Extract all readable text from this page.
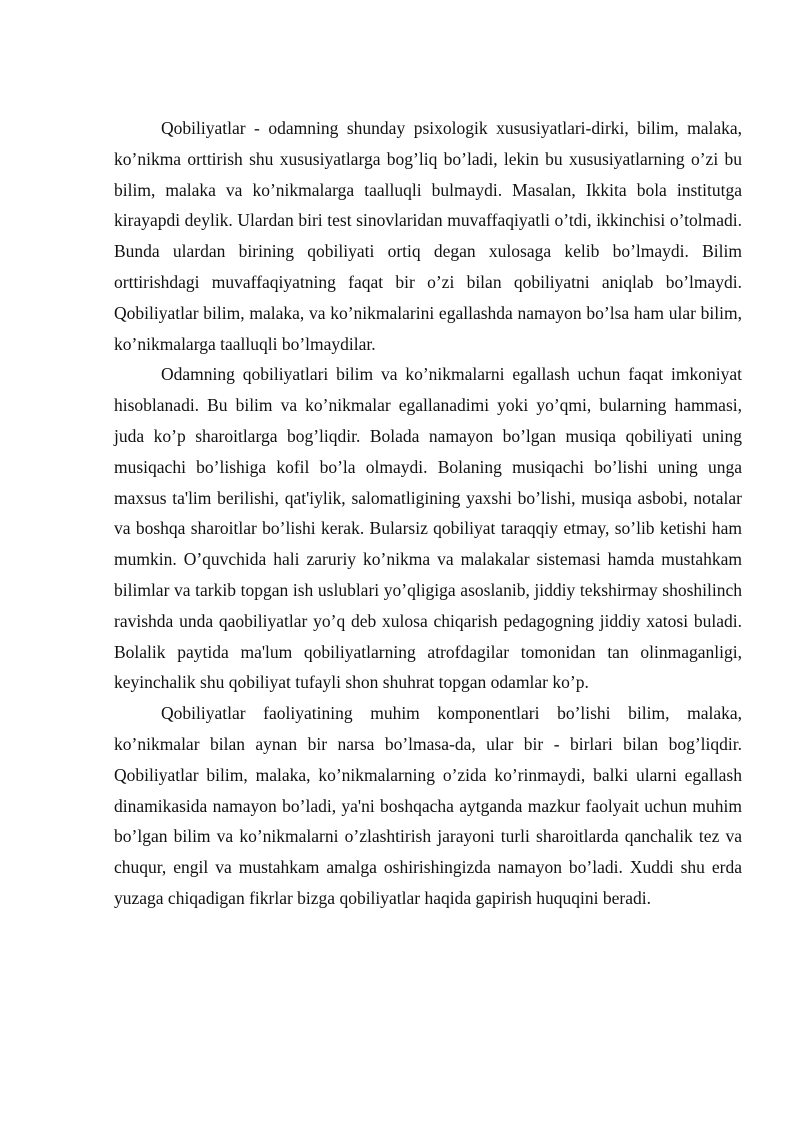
Qobiliyatlar - odamning shunday psixologik xususiyatlari-dirki, bilim, malaka, ko’nikma orttirish shu xususiyatlarga bog’liq bo’ladi, lekin bu xususiyatlarning o’zi bu bilim, malaka va ko’nikmalarga taalluqli bulmaydi. Masalan, Ikkita bola institutga kirayapdi deylik. Ulardan biri test sinovlaridan muvaffaqiyatli o’tdi, ikkinchisi o’tolmadi. Bunda ulardan birining qobiliyati ortiq degan xulosaga kelib bo’lmaydi. Bilim orttirishdagi muvaffaqiyatning faqat bir o’zi bilan qobiliyatni aniqlab bo’lmaydi. Qobiliyatlar bilim, malaka, va ko’nikmalarini egallashda namayon bo’lsa ham ular bilim, ko’nikmalarga taalluqli bo’lmaydilar.

Odamning qobiliyatlari bilim va ko’nikmalarni egallash uchun faqat imkoniyat hisoblanadi. Bu bilim va ko’nikmalar egallanadimi yoki yo’qmi, bularning hammasi, juda ko’p sharoitlarga bog’liqdir. Bolada namayon bo’lgan musiqa qobiliyati uning musiqachi bo’lishiga kofil bo’la olmaydi. Bolaning musiqachi bo’lishi uning unga maxsus ta'lim berilishi, qat'iylik, salomatligining yaxshi bo’lishi, musiqa asbobi, notalar va boshqa sharoitlar bo’lishi kerak. Bularsiz qobiliyat taraqqiy etmay, so’lib ketishi ham mumkin. O’quvchida hali zaruriy ko’nikma va malakalar sistemasi hamda mustahkam bilimlar va tarkib topgan ish uslublari yo’qligiga asoslanib, jiddiy tekshirmay shoshilinch ravishda unda qaobiliyatlar yo’q deb xulosa chiqarish pedagogning jiddiy xatosi buladi. Bolalik paytida ma'lum qobiliyatlarning atrofdagilar tomonidan tan olinmaganligi, keyinchalik shu qobiliyat tufayli shon shuhrat topgan odamlar ko’p.

Qobiliyatlar faoliyatining muhim komponentlari bo’lishi bilim, malaka, ko’nikmalar bilan aynan bir narsa bo’lmasa-da, ular bir - birlari bilan bog’liqdir. Qobiliyatlar bilim, malaka, ko’nikmalarning o’zida ko’rinmaydi, balki ularni egallash dinamikasida namayon bo’ladi, ya'ni boshqacha aytganda mazkur faolyait uchun muhim bo’lgan bilim va ko’nikmalarni o’zlashtirish jarayoni turli sharoitlarda qanchalik tez va chuqur, engil va mustahkam amalga oshirishingizda namayon bo’ladi. Xuddi shu erda yuzaga chiqadigan fikrlar bizga qobiliyatlar haqida gapirish huquqini beradi.
